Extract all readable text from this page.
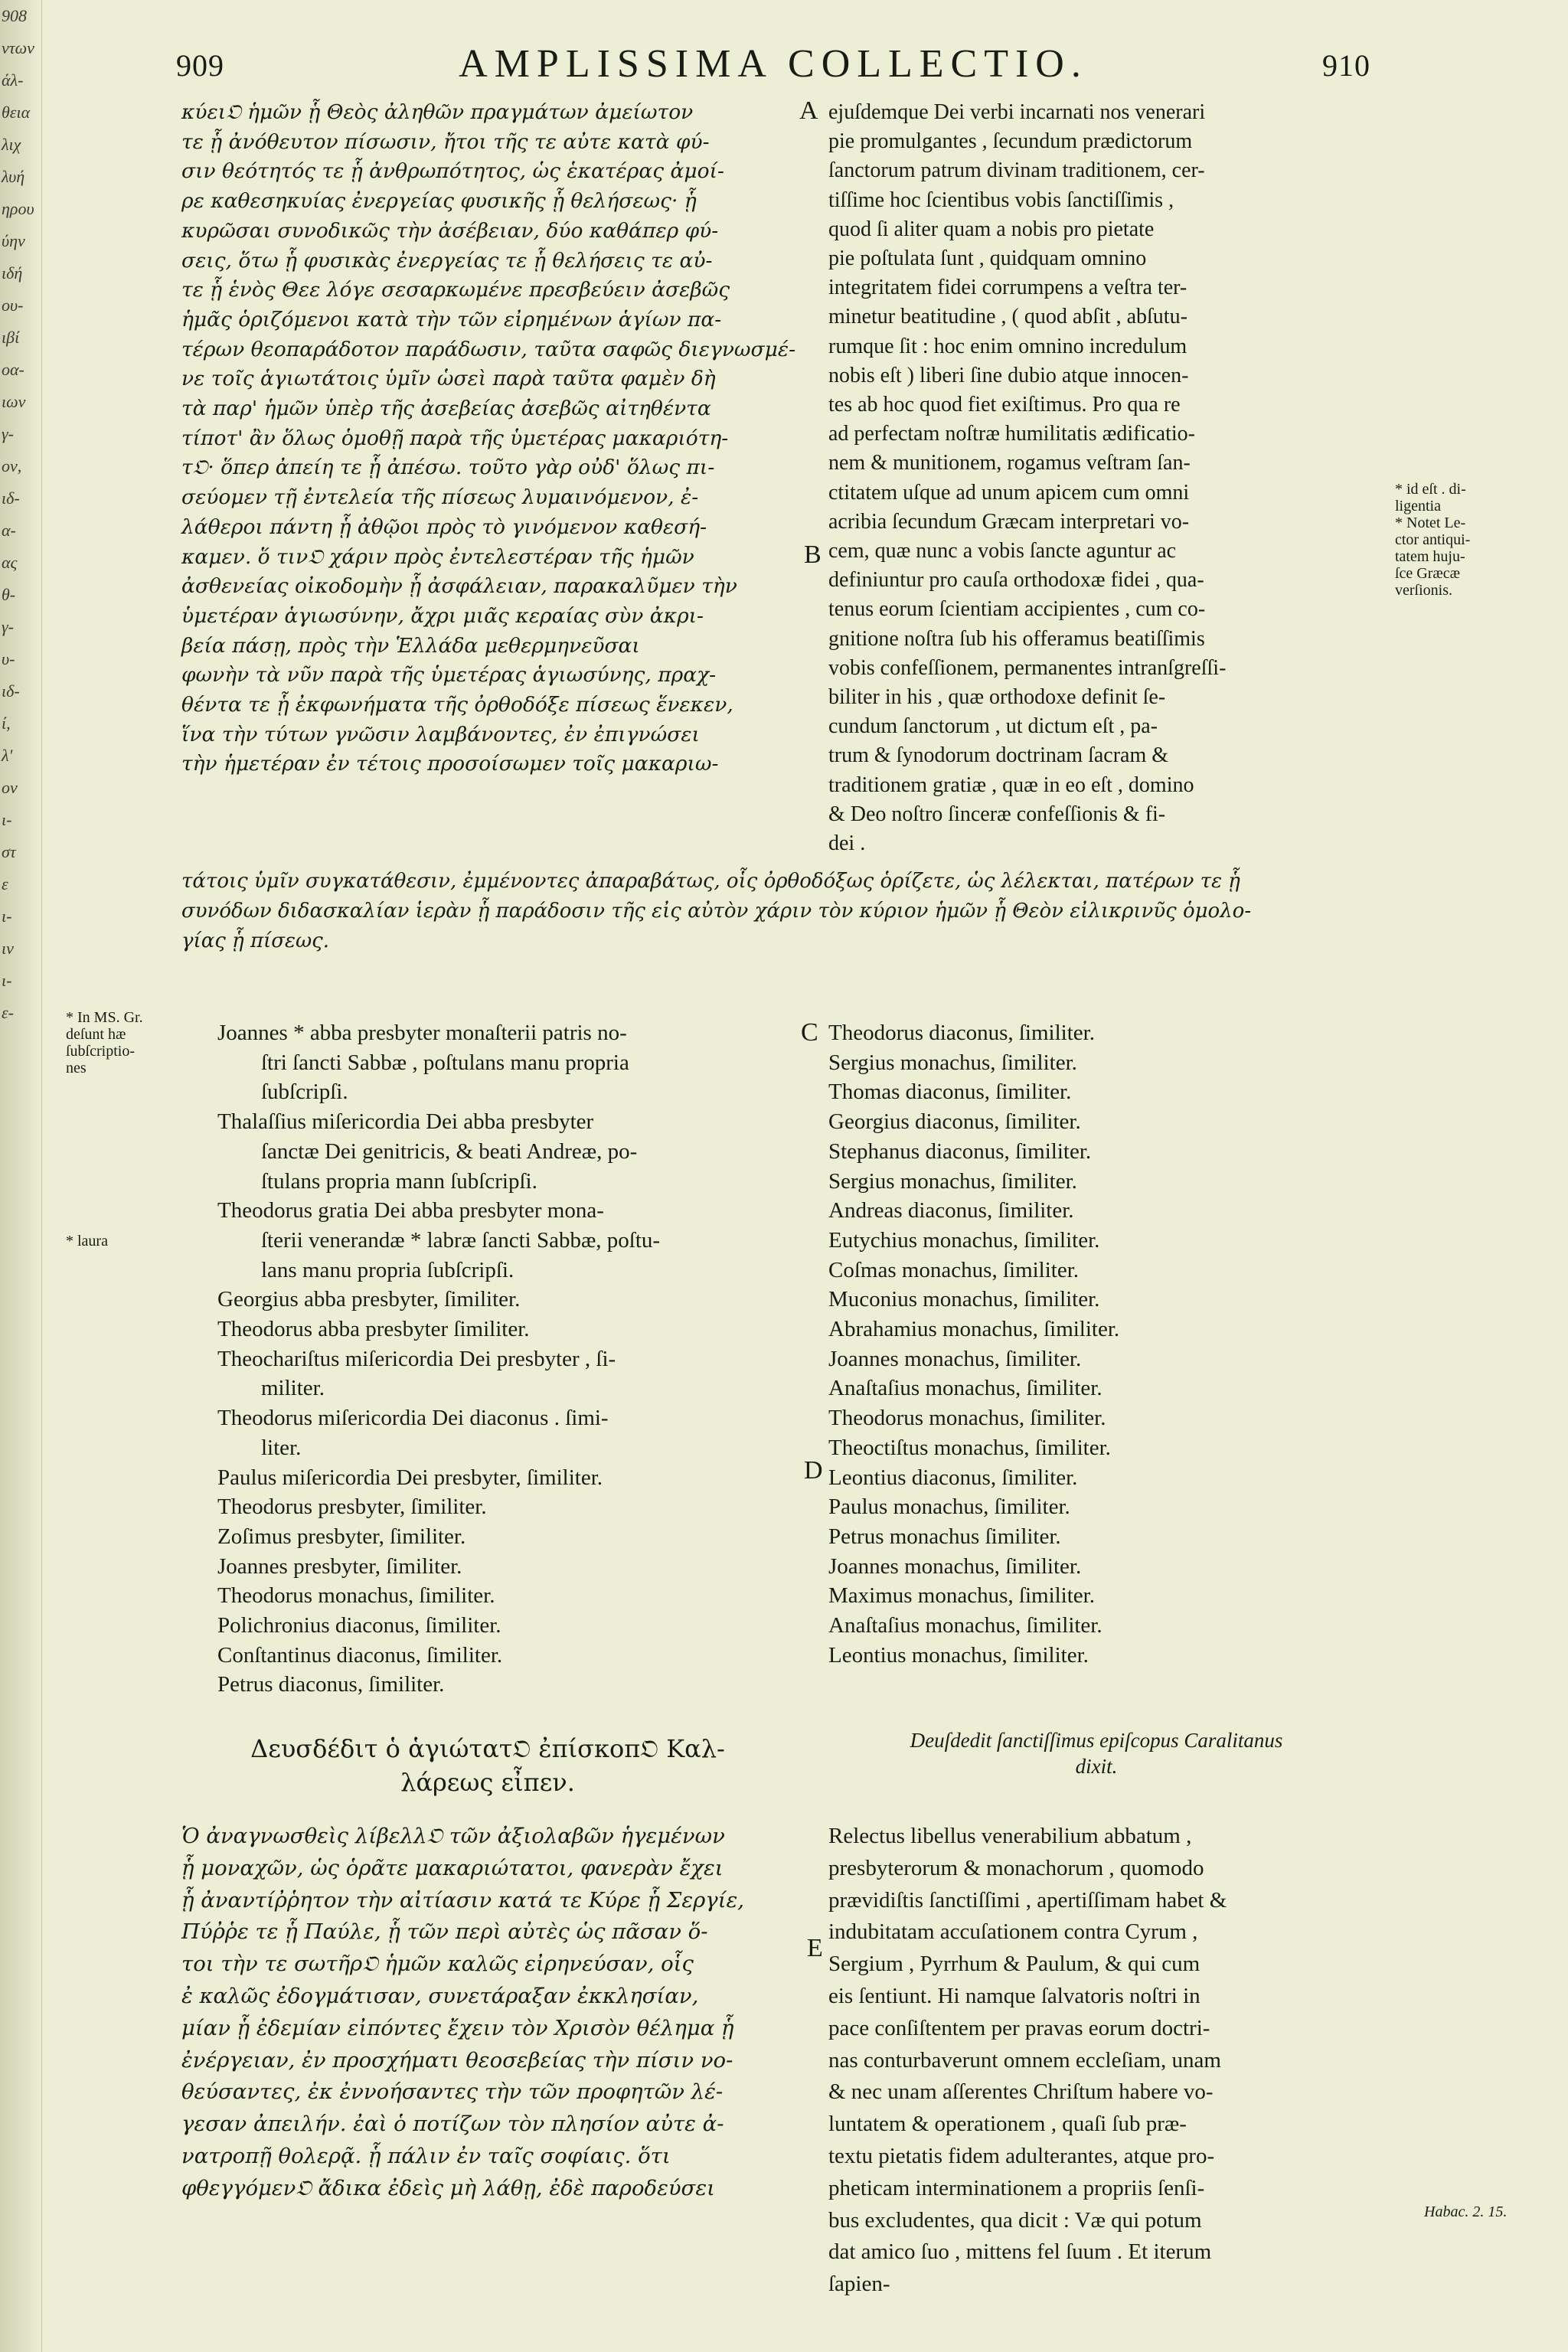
908
ντων
άλ-
θεια
λιχ
λυή
ηρου
ύην
ιδή
ου-
ιβί
οα-
ιων
γ-
ον,
ιδ-
α-
ας
θ-
γ-
υ-
ιδ-
ί,
λ'
ον
ι-
στ
ε
ι-
ιν
ι-
ε-
909	AMPLISSIMA COLLECTIO.	910

κύει𝔒 ἡμῶν ᾗ Θεὸς ἀληθῶν πραγμάτων ἀμείωτον

τε ᾗ ἀνόθευτον πίσωσιν, ἤτοι τῆς τε αὐτε κατὰ φύ-

σιν θεότητός τε ᾗ ἀνθρωπότητος, ὡς ἑκατέρας ἀμοί-

ρε καθεσηκυίας ἐνεργείας φυσικῆς ᾗ θελήσεως· ᾗ

κυρῶσαι συνοδικῶς τὴν ἀσέβειαν, δύο καθάπερ φύ-

σεις, ὅτω ᾗ φυσικὰς ἐνεργείας τε ᾗ θελήσεις τε αὐ-

τε ᾗ ἑνὸς Θεε λόγε σεσαρκωμένε πρεσβεύειν ἀσεβῶς

ἡμᾶς ὁριζόμενοι κατὰ τὴν τῶν εἰρημένων ἁγίων πα-

τέρων θεοπαράδοτον παράδωσιν, ταῦτα σαφῶς διεγνωσμέ-

νε τοῖς ἁγιωτάτοις ὑμῖν ὡσεὶ παρὰ ταῦτα φαμὲν δὴ

τὰ παρ' ἡμῶν ὑπὲρ τῆς ἀσεβείας ἀσεβῶς αἰτηθέντα

τίποτ' ἂν ὅλως ὁμοθῇ παρὰ τῆς ὑμετέρας μακαριότη-

τ𝔒· ὅπερ ἀπείη τε ᾗ ἀπέσω. τοῦτο γὰρ οὐδ' ὅλως πι-

σεύομεν τῇ ἐντελεία τῆς πίσεως λυμαινόμενον, ἐ-

λάθεροι πάντη ᾗ ἀθῷοι πρὸς τὸ γινόμενον καθεσή-

καμεν. ὅ τιν𝔒 χάριν πρὸς ἐντελεστέραν τῆς ἡμῶν

ἀσθενείας οἰκοδομὴν ᾗ ἀσφάλειαν, παρακαλῦμεν τὴν

ὑμετέραν ἁγιωσύνην, ἄχρι μιᾶς κεραίας σὺν ἀκρι-

βεία πάσῃ, πρὸς τὴν Ἑλλάδα μεθερμηνεῦσαι

φωνὴν τὰ νῦν παρὰ τῆς ὑμετέρας ἁγιωσύνης, πραχ-

θέντα τε ᾗ ἐκφωνήματα τῆς ὀρθοδόξε πίσεως ἕνεκεν,

ἵνα τὴν τύτων γνῶσιν λαμβάνοντες, ἐν ἐπιγνώσει

τὴν ἡμετέραν ἐν τέτοις προσοίσωμεν τοῖς μακαριω-

ejuſdemque Dei verbi incarnati nos venerari

pie promulgantes , ſecundum prædictorum

ſanctorum patrum divinam traditionem, cer-

tiſſime hoc ſcientibus vobis ſanctiſſimis ,

quod ſi aliter quam a nobis pro pietate

pie poſtulata ſunt , quidquam omnino

integritatem fidei corrumpens a veſtra ter-

minetur beatitudine , ( quod abſit , abſutu-

rumque ſit : hoc enim omnino incredulum

nobis eſt ) liberi ſine dubio atque innocen-

tes ab hoc quod fiet exiſtimus. Pro qua re

ad perfectam noſtræ humilitatis ædificatio-

nem & munitionem, rogamus veſtram ſan-

ctitatem uſque ad unum apicem cum omni

acribia ſecundum Græcam interpretari vo-

cem, quæ nunc a vobis ſancte aguntur ac

definiuntur pro cauſa orthodoxæ fidei , qua-

tenus eorum ſcientiam accipientes , cum co-

gnitione noſtra ſub his offeramus beatiſſimis

vobis confeſſionem, permanentes intranſgreſſi-

biliter in his , quæ orthodoxe definit ſe-

cundum ſanctorum , ut dictum eſt , pa-

trum & ſynodorum doctrinam ſacram &

traditionem gratiæ , quæ in eo eſt , domino

& Deo noſtro ſinceræ confeſſionis & fi-

dei .

τάτοις ὑμῖν συγκατάθεσιν, ἐμμένοντες ἀπαραβάτως, οἷς ὀρθοδόξως ὁρίζετε, ὡς λέλεκται, πατέρων τε ᾗ

συνόδων διδασκαλίαν ἱερὰν ᾗ παράδοσιν τῆς εἰς αὐτὸν χάριν τὸν κύριον ἡμῶν ᾗ Θεὸν εἰλικρινῦς ὁμολο-

γίας ᾗ πίσεως.

Joannes * abba presbyter monaſterii patris no-

ſtri ſancti Sabbæ , poſtulans manu propria

ſubſcripſi.

Thalaſſius miſericordia Dei abba presbyter

ſanctæ Dei genitricis, & beati Andreæ, po-

ſtulans propria mann ſubſcripſi.

Theodorus gratia Dei abba presbyter mona-

ſterii venerandæ * labræ ſancti Sabbæ, poſtu-

lans manu propria ſubſcripſi.

Georgius abba presbyter, ſimiliter.

Theodorus abba presbyter ſimiliter.

Theochariſtus miſericordia Dei presbyter , ſi-

militer.

Theodorus miſericordia Dei diaconus . ſimi-

liter.

Paulus miſericordia Dei presbyter, ſimiliter.

Theodorus presbyter, ſimiliter.

Zoſimus presbyter, ſimiliter.

Joannes presbyter, ſimiliter.

Theodorus monachus, ſimiliter.

Polichronius diaconus, ſimiliter.

Conſtantinus diaconus, ſimiliter.

Petrus diaconus, ſimiliter.

Theodorus diaconus, ſimiliter.

Sergius monachus, ſimiliter.

Thomas diaconus, ſimiliter.

Georgius diaconus, ſimiliter.

Stephanus diaconus, ſimiliter.

Sergius monachus, ſimiliter.

Andreas diaconus, ſimiliter.

Eutychius monachus, ſimiliter.

Coſmas monachus, ſimiliter.

Muconius monachus, ſimiliter.

Abrahamius monachus, ſimiliter.

Joannes monachus, ſimiliter.

Anaſtaſius monachus, ſimiliter.

Theodorus monachus, ſimiliter.

Theoctiſtus monachus, ſimiliter.

Leontius diaconus, ſimiliter.

Paulus monachus, ſimiliter.

Petrus monachus ſimiliter.

Joannes monachus, ſimiliter.

Maximus monachus, ſimiliter.

Anaſtaſius monachus, ſimiliter.

Leontius monachus, ſimiliter.

Δευσδέδιτ ὁ ἁγιώτατ𝔒 ἐπίσκοπ𝔒 Καλ-

λάρεως εἶπεν.

Deuſdedit ſanctiſſimus epiſcopus Caralitanus

dixit.

Ὁ ἀναγνωσθεὶς λίβελλ𝔒 τῶν ἀξιολαβῶν ἡγεμένων

ᾗ μοναχῶν, ὡς ὁρᾶτε μακαριώτατοι, φανερὰν ἔχει

ᾗ ἀναντίῤῥητον τὴν αἰτίασιν κατά τε Κύρε ᾗ Σεργίε,

Πύῤῥε τε ᾗ Παύλε, ᾗ τῶν περὶ αὐτὲς ὡς πᾶσαν ὅ-

τοι τὴν τε σωτῆρ𝔒 ἡμῶν καλῶς εἰρηνεύσαν, οἷς

ἐ καλῶς ἐδογμάτισαν, συνετάραξαν ἐκκλησίαν,

μίαν ᾗ ἐδεμίαν εἰπόντες ἔχειν τὸν Χρισὸν θέλημα ᾗ

ἐνέργειαν, ἐν προσχήματι θεοσεβείας τὴν πίσιν νο-

θεύσαντες, ἐκ ἐννοήσαντες τὴν τῶν προφητῶν λέ-

γεσαν ἀπειλήν. ἐαὶ ὁ ποτίζων τὸν πλησίον αὐτε ἀ-

νατροπῇ θολερᾷ. ᾗ πάλιν ἐν ταῖς σοφίαις. ὅτι

φθεγγόμεν𝔒 ἄδικα ἐδεὶς μὴ λάθῃ, ἐδὲ παροδεύσει

Relectus libellus venerabilium abbatum ,

presbyterorum & monachorum , quomodo

prævidiſtis ſanctiſſimi , apertiſſimam habet &

indubitatam accuſationem contra Cyrum ,

Sergium , Pyrrhum & Paulum, & qui cum

eis ſentiunt. Hi namque ſalvatoris noſtri in

pace conſiſtentem per pravas eorum doctri-

nas conturbaverunt omnem eccleſiam, unam

& nec unam aſſerentes Chriſtum habere vo-

luntatem & operationem , quaſi ſub præ-

textu pietatis fidem adulterantes, atque pro-

pheticam interminationem a propriis ſenſi-

bus excludentes, qua dicit : Væ qui potum

dat amico ſuo , mittens fel ſuum . Et iterum

ſapien-

A
B
C
D
E

* id eſt . di-

ligentia

* Notet Le-

ctor antiqui-

tatem huju-

ſce Græcæ

verſionis.

* In MS. Gr.

deſunt hæ

ſubſcriptio-

nes

* laura
Habac. 2. 15.
